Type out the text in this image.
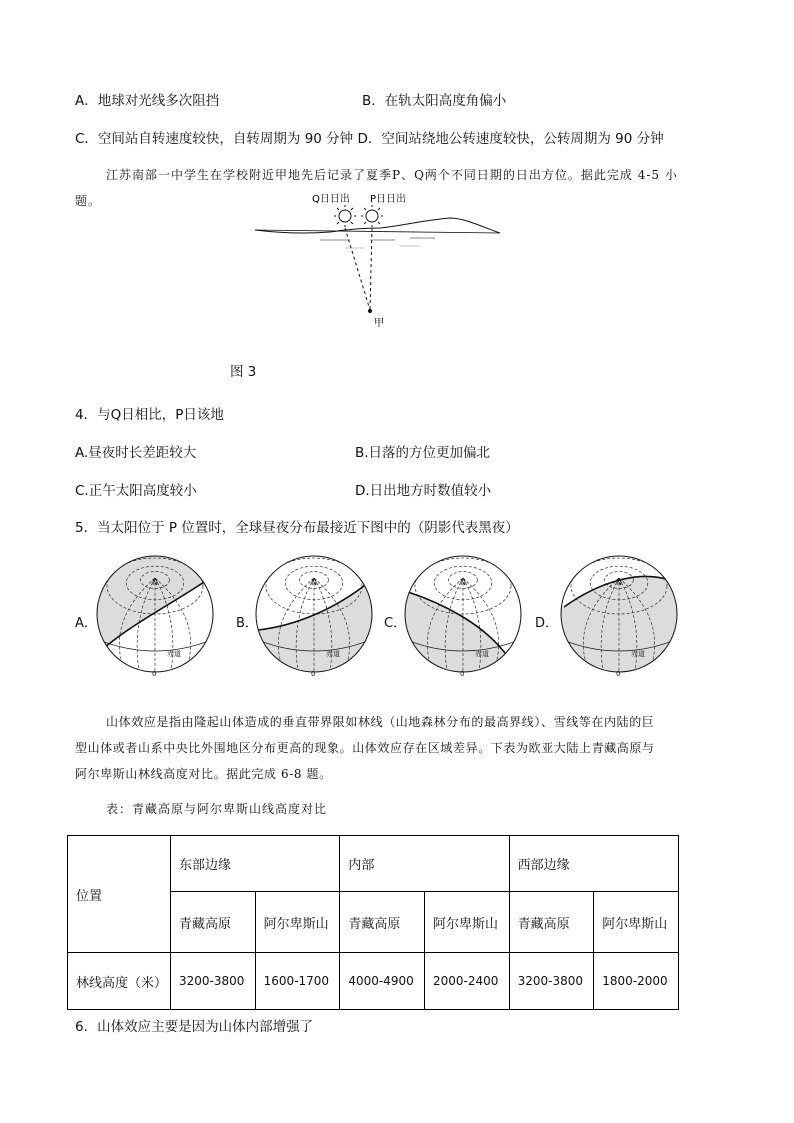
A．地球对光线多次阻挡	B．在轨太阳高度角偏小
C．空间站自转速度较快，自转周期为 90 分钟 D．空间站绕地公转速度较快，公转周期为 90 分钟
江苏南部一中学生在学校附近甲地先后记录了夏季P、Q两个不同日期的日出方位。据此完成 4-5 小
题。	Q日日出 P日日出
甲
图 3
4．与Q日相比，P日该地
A.昼夜时长差距较大	B.日落的方位更加偏北
C.正午太阳高度较小	D.日出地方时数值较小
5．当太阳位于 P 位置时，全球昼夜分布最接近下图中的（阴影代表黑夜）
A．	B．	C．	D．
N
赤道
0
N
赤道
0
N
赤道
0
N
赤道
0
山体效应是指由隆起山体造成的垂直带界限如林线（山地森林分布的最高界线）、雪线等在内陆的巨
型山体或者山系中央比外围地区分布更高的现象。山体效应存在区域差异。下表为欧亚大陆上青藏高原与
阿尔卑斯山林线高度对比。据此完成 6-8 题。
表：青藏高原与阿尔卑斯山线高度对比
位置	东部边缘		内部		西部边缘	
	青藏高原	阿尔卑斯山	青藏高原	阿尔卑斯山	青藏高原	阿尔卑斯山
林线高度（米）	3200-3800	1600-1700	4000-4900	2000-2400	3200-3800	1800-2000
6．山体效应主要是因为山体内部增强了
